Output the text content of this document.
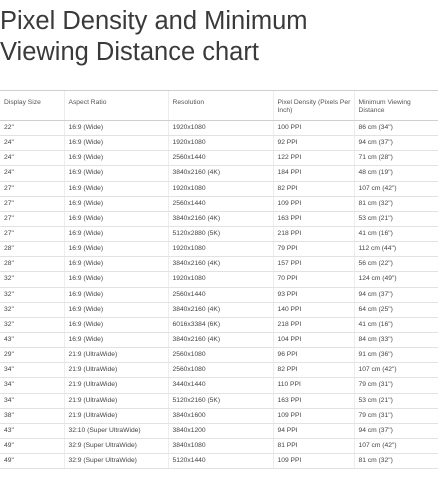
Pixel Density and Minimum
Viewing Distance chart
Display Size	Aspect Ratio	Resolution	Pixel Density (Pixels Per Inch)	Minimum Viewing Distance
22"	16:9 (Wide)	1920x1080	100 PPI	86 cm (34")
24"	16:9 (Wide)	1920x1080	92 PPI	94 cm (37")
24"	16:9 (Wide)	2560x1440	122 PPI	71 cm (28")
24"	16:9 (Wide)	3840x2160 (4K)	184 PPI	48 cm (19")
27"	16:9 (Wide)	1920x1080	82 PPI	107 cm (42")
27"	16:9 (Wide)	2560x1440	109 PPI	81 cm (32")
27"	16:9 (Wide)	3840x2160 (4K)	163 PPI	53 cm (21")
27"	16:9 (Wide)	5120x2880 (5K)	218 PPI	41 cm (16")
28"	16:9 (Wide)	1920x1080	79 PPI	112 cm (44")
28"	16:9 (Wide)	3840x2160 (4K)	157 PPI	56 cm (22")
32"	16:9 (Wide)	1920x1080	70 PPI	124 cm (49")
32"	16:9 (Wide)	2560x1440	93 PPI	94 cm (37")
32"	16:9 (Wide)	3840x2160 (4K)	140 PPI	64 cm (25")
32"	16:9 (Wide)	6016x3384 (6K)	218 PPI	41 cm (16")
43"	16:9 (Wide)	3840x2160 (4K)	104 PPI	84 cm (33")
29"	21:9 (UltraWide)	2560x1080	96 PPI	91 cm (36")
34"	21:9 (UltraWide)	2560x1080	82 PPI	107 cm (42")
34"	21:9 (UltraWide)	3440x1440	110 PPI	79 cm (31")
34"	21:9 (UltraWide)	5120x2160 (5K)	163 PPI	53 cm (21")
38"	21:9 (UltraWide)	3840x1600	109 PPI	79 cm (31")
43"	32:10 (Super UltraWide)	3840x1200	94 PPI	94 cm (37")
49"	32:9 (Super UltraWide)	3840x1080	81 PPI	107 cm (42")
49"	32:9 (Super UltraWide)	5120x1440	109 PPI	81 cm (32")
